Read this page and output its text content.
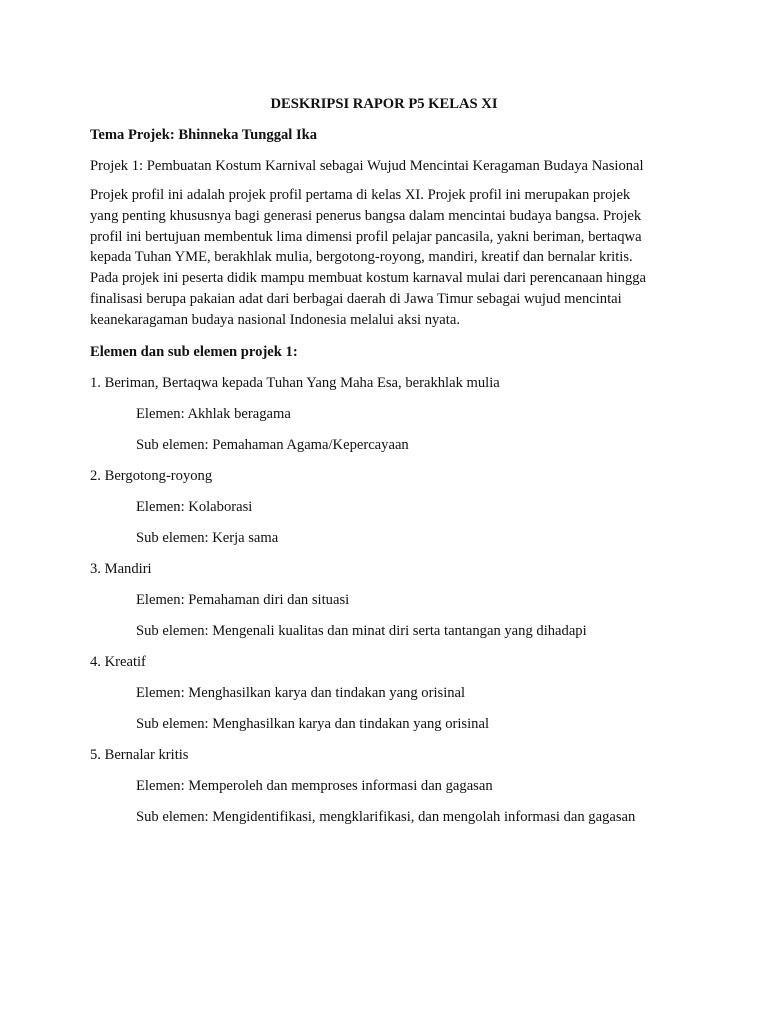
DESKRIPSI RAPOR P5 KELAS XI

Tema Projek: Bhinneka Tunggal Ika

Projek 1: Pembuatan Kostum Karnival sebagai Wujud Mencintai Keragaman Budaya Nasional

Projek profil ini adalah projek profil pertama di kelas XI. Projek profil ini merupakan projek
yang penting khususnya bagi generasi penerus bangsa dalam mencintai budaya bangsa. Projek
profil ini bertujuan membentuk lima dimensi profil pelajar pancasila, yakni beriman, bertaqwa
kepada Tuhan YME, berakhlak mulia, bergotong-royong, mandiri, kreatif dan bernalar kritis.
Pada projek ini peserta didik mampu membuat kostum karnaval mulai dari perencanaan hingga
finalisasi berupa pakaian adat dari berbagai daerah di Jawa Timur sebagai wujud mencintai
keanekaragaman budaya nasional Indonesia melalui aksi nyata.

Elemen dan sub elemen projek 1:

1. Beriman, Bertaqwa kepada Tuhan Yang Maha Esa, berakhlak mulia

Elemen: Akhlak beragama

Sub elemen: Pemahaman Agama/Kepercayaan

2. Bergotong-royong

Elemen: Kolaborasi

Sub elemen: Kerja sama

3. Mandiri

Elemen: Pemahaman diri dan situasi

Sub elemen: Mengenali kualitas dan minat diri serta tantangan yang dihadapi

4. Kreatif

Elemen: Menghasilkan karya dan tindakan yang orisinal

Sub elemen: Menghasilkan karya dan tindakan yang orisinal

5. Bernalar kritis

Elemen: Memperoleh dan memproses informasi dan gagasan

Sub elemen: Mengidentifikasi, mengklarifikasi, dan mengolah informasi dan gagasan
